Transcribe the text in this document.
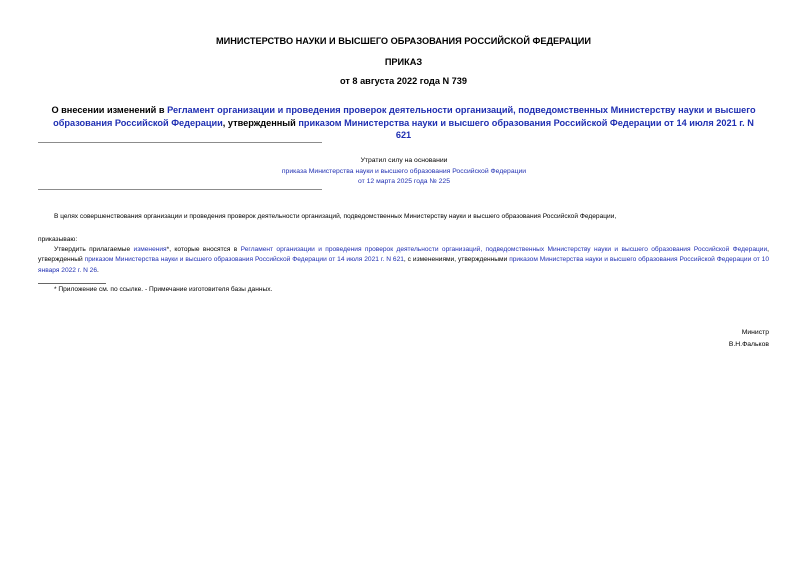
МИНИСТЕРСТВО НАУКИ И ВЫСШЕГО ОБРАЗОВАНИЯ РОССИЙСКОЙ ФЕДЕРАЦИИ
ПРИКАЗ
от 8 августа 2022 года N 739
О внесении изменений в Регламент организации и проведения проверок деятельности организаций, подведомственных Министерству науки и высшего образования Российской Федерации, утвержденный приказом Министерства науки и высшего образования Российской Федерации от 14 июля 2021 г. N 621
Утратил силу на основании
приказа Министерства науки и высшего образования Российской Федерации
от 12 марта 2025 года № 225
В целях совершенствования организации и проведения проверок деятельности организаций, подведомственных Министерству науки и высшего образования Российской Федерации,
приказываю:
Утвердить прилагаемые изменения*, которые вносятся в Регламент организации и проведения проверок деятельности организаций, подведомственных Министерству науки и высшего образования Российской Федерации, утвержденный приказом Министерства науки и высшего образования Российской Федерации от 14 июля 2021 г. N 621, с изменениями, утвержденными приказом Министерства науки и высшего образования Российской Федерации от 10 января 2022 г. N 26.
* Приложение см. по ссылке. - Примечание изготовителя базы данных.
Министр
В.Н.Фальков
